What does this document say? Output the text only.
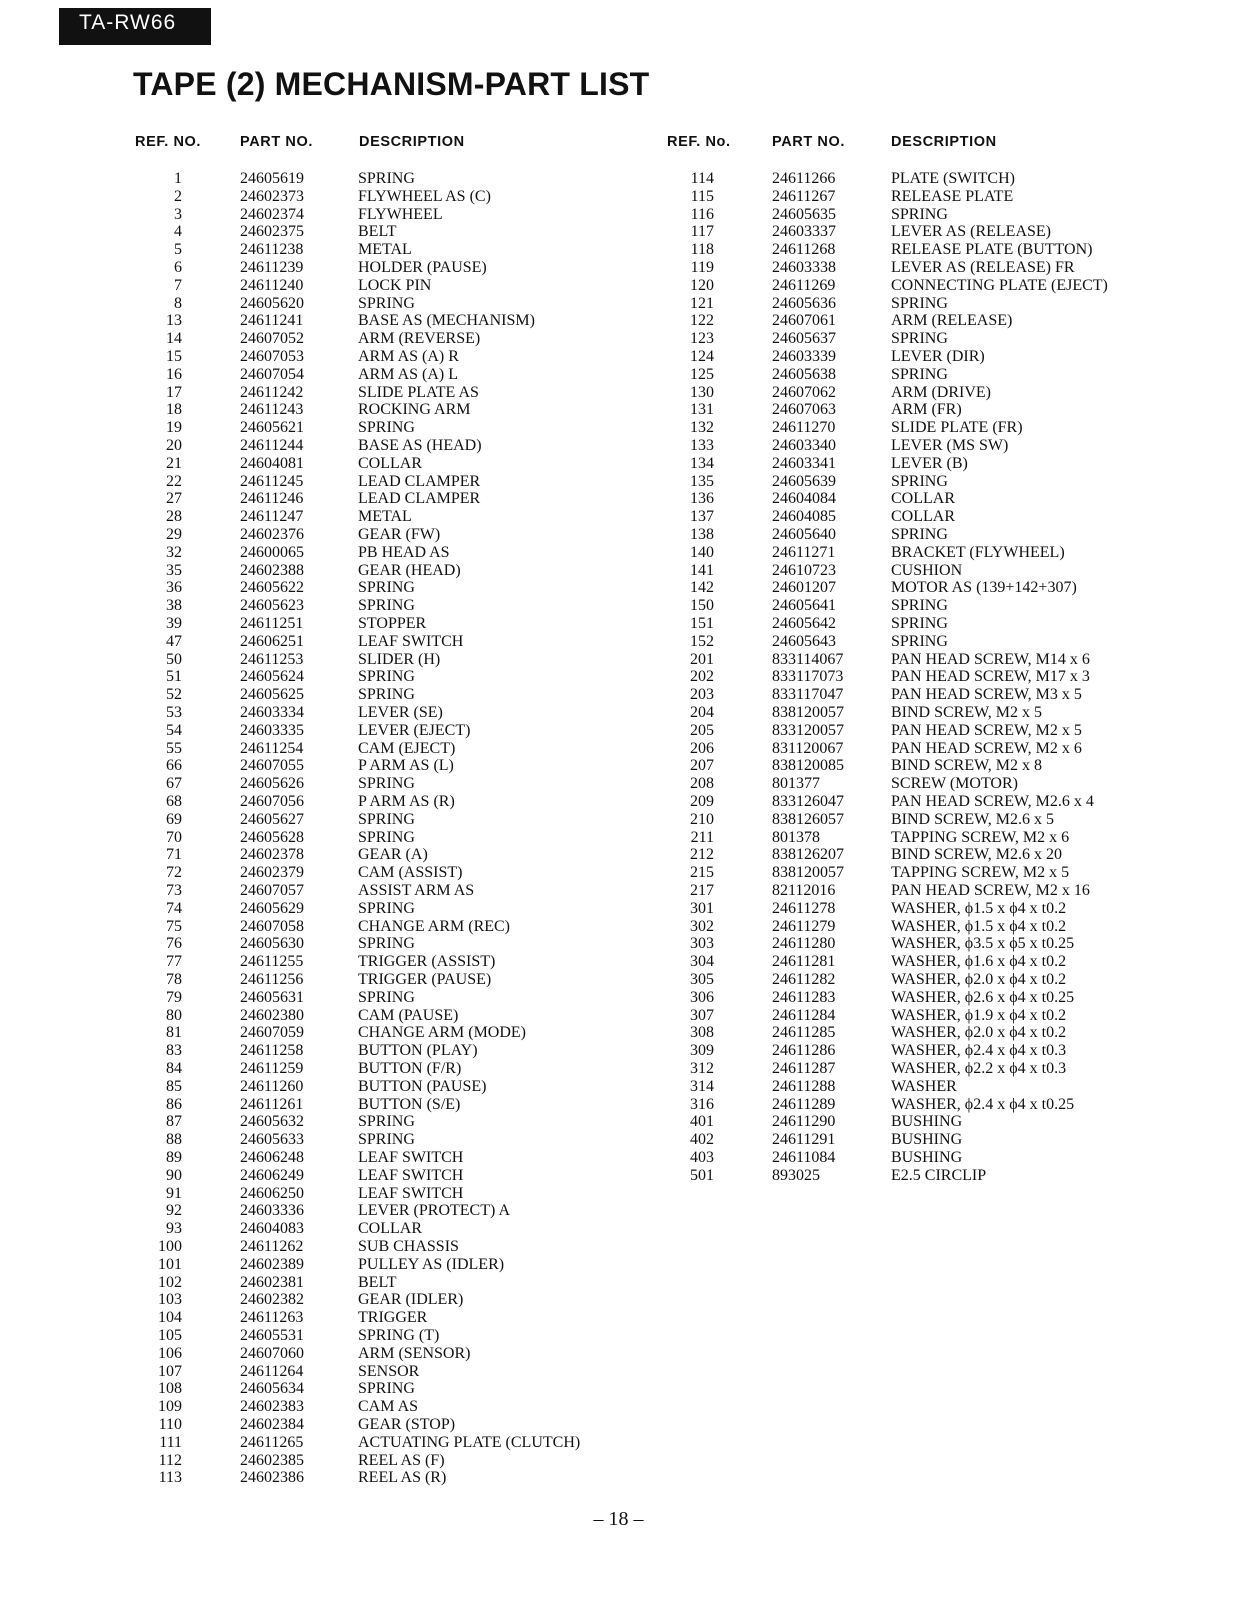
TA-RW66
TAPE (2) MECHANISM-PART LIST
REF. NO.	PART NO.	DESCRIPTION	REF. No.	PART NO.	DESCRIPTION
1	24605619	SPRING
2	24602373	FLYWHEEL AS (C)
3	24602374	FLYWHEEL
4	24602375	BELT
5	24611238	METAL
6	24611239	HOLDER (PAUSE)
7	24611240	LOCK PIN
8	24605620	SPRING
13	24611241	BASE AS (MECHANISM)
14	24607052	ARM (REVERSE)
15	24607053	ARM AS (A) R
16	24607054	ARM AS (A) L
17	24611242	SLIDE PLATE AS
18	24611243	ROCKING ARM
19	24605621	SPRING
20	24611244	BASE AS (HEAD)
21	24604081	COLLAR
22	24611245	LEAD CLAMPER
27	24611246	LEAD CLAMPER
28	24611247	METAL
29	24602376	GEAR (FW)
32	24600065	PB HEAD AS
35	24602388	GEAR (HEAD)
36	24605622	SPRING
38	24605623	SPRING
39	24611251	STOPPER
47	24606251	LEAF SWITCH
50	24611253	SLIDER (H)
51	24605624	SPRING
52	24605625	SPRING
53	24603334	LEVER (SE)
54	24603335	LEVER (EJECT)
55	24611254	CAM (EJECT)
66	24607055	P ARM AS (L)
67	24605626	SPRING
68	24607056	P ARM AS (R)
69	24605627	SPRING
70	24605628	SPRING
71	24602378	GEAR (A)
72	24602379	CAM (ASSIST)
73	24607057	ASSIST ARM AS
74	24605629	SPRING
75	24607058	CHANGE ARM (REC)
76	24605630	SPRING
77	24611255	TRIGGER (ASSIST)
78	24611256	TRIGGER (PAUSE)
79	24605631	SPRING
80	24602380	CAM (PAUSE)
81	24607059	CHANGE ARM (MODE)
83	24611258	BUTTON (PLAY)
84	24611259	BUTTON (F/R)
85	24611260	BUTTON (PAUSE)
86	24611261	BUTTON (S/E)
87	24605632	SPRING
88	24605633	SPRING
89	24606248	LEAF SWITCH
90	24606249	LEAF SWITCH
91	24606250	LEAF SWITCH
92	24603336	LEVER (PROTECT) A
93	24604083	COLLAR
100	24611262	SUB CHASSIS
101	24602389	PULLEY AS (IDLER)
102	24602381	BELT
103	24602382	GEAR (IDLER)
104	24611263	TRIGGER
105	24605531	SPRING (T)
106	24607060	ARM (SENSOR)
107	24611264	SENSOR
108	24605634	SPRING
109	24602383	CAM AS
110	24602384	GEAR (STOP)
111	24611265	ACTUATING PLATE (CLUTCH)
112	24602385	REEL AS (F)
113	24602386	REEL AS (R)
114	24611266	PLATE (SWITCH)
115	24611267	RELEASE PLATE
116	24605635	SPRING
117	24603337	LEVER AS (RELEASE)
118	24611268	RELEASE PLATE (BUTTON)
119	24603338	LEVER AS (RELEASE) FR
120	24611269	CONNECTING PLATE (EJECT)
121	24605636	SPRING
122	24607061	ARM (RELEASE)
123	24605637	SPRING
124	24603339	LEVER (DIR)
125	24605638	SPRING
130	24607062	ARM (DRIVE)
131	24607063	ARM (FR)
132	24611270	SLIDE PLATE (FR)
133	24603340	LEVER (MS SW)
134	24603341	LEVER (B)
135	24605639	SPRING
136	24604084	COLLAR
137	24604085	COLLAR
138	24605640	SPRING
140	24611271	BRACKET (FLYWHEEL)
141	24610723	CUSHION
142	24601207	MOTOR AS (139+142+307)
150	24605641	SPRING
151	24605642	SPRING
152	24605643	SPRING
201	833114067	PAN HEAD SCREW, M14 x 6
202	833117073	PAN HEAD SCREW, M17 x 3
203	833117047	PAN HEAD SCREW, M3 x 5
204	838120057	BIND SCREW, M2 x 5
205	833120057	PAN HEAD SCREW, M2 x 5
206	831120067	PAN HEAD SCREW, M2 x 6
207	838120085	BIND SCREW, M2 x 8
208	801377	SCREW (MOTOR)
209	833126047	PAN HEAD SCREW, M2.6 x 4
210	838126057	BIND SCREW, M2.6 x 5
211	801378	TAPPING SCREW, M2 x 6
212	838126207	BIND SCREW, M2.6 x 20
215	838120057	TAPPING SCREW, M2 x 5
217	82112016	PAN HEAD SCREW, M2 x 16
301	24611278	WASHER, ϕ1.5 x ϕ4 x t0.2
302	24611279	WASHER, ϕ1.5 x ϕ4 x t0.2
303	24611280	WASHER, ϕ3.5 x ϕ5 x t0.25
304	24611281	WASHER, ϕ1.6 x ϕ4 x t0.2
305	24611282	WASHER, ϕ2.0 x ϕ4 x t0.2
306	24611283	WASHER, ϕ2.6 x ϕ4 x t0.25
307	24611284	WASHER, ϕ1.9 x ϕ4 x t0.2
308	24611285	WASHER, ϕ2.0 x ϕ4 x t0.2
309	24611286	WASHER, ϕ2.4 x ϕ4 x t0.3
312	24611287	WASHER, ϕ2.2 x ϕ4 x t0.3
314	24611288	WASHER
316	24611289	WASHER, ϕ2.4 x ϕ4 x t0.25
401	24611290	BUSHING
402	24611291	BUSHING
403	24611084	BUSHING
501	893025	E2.5 CIRCLIP
– 18 –
